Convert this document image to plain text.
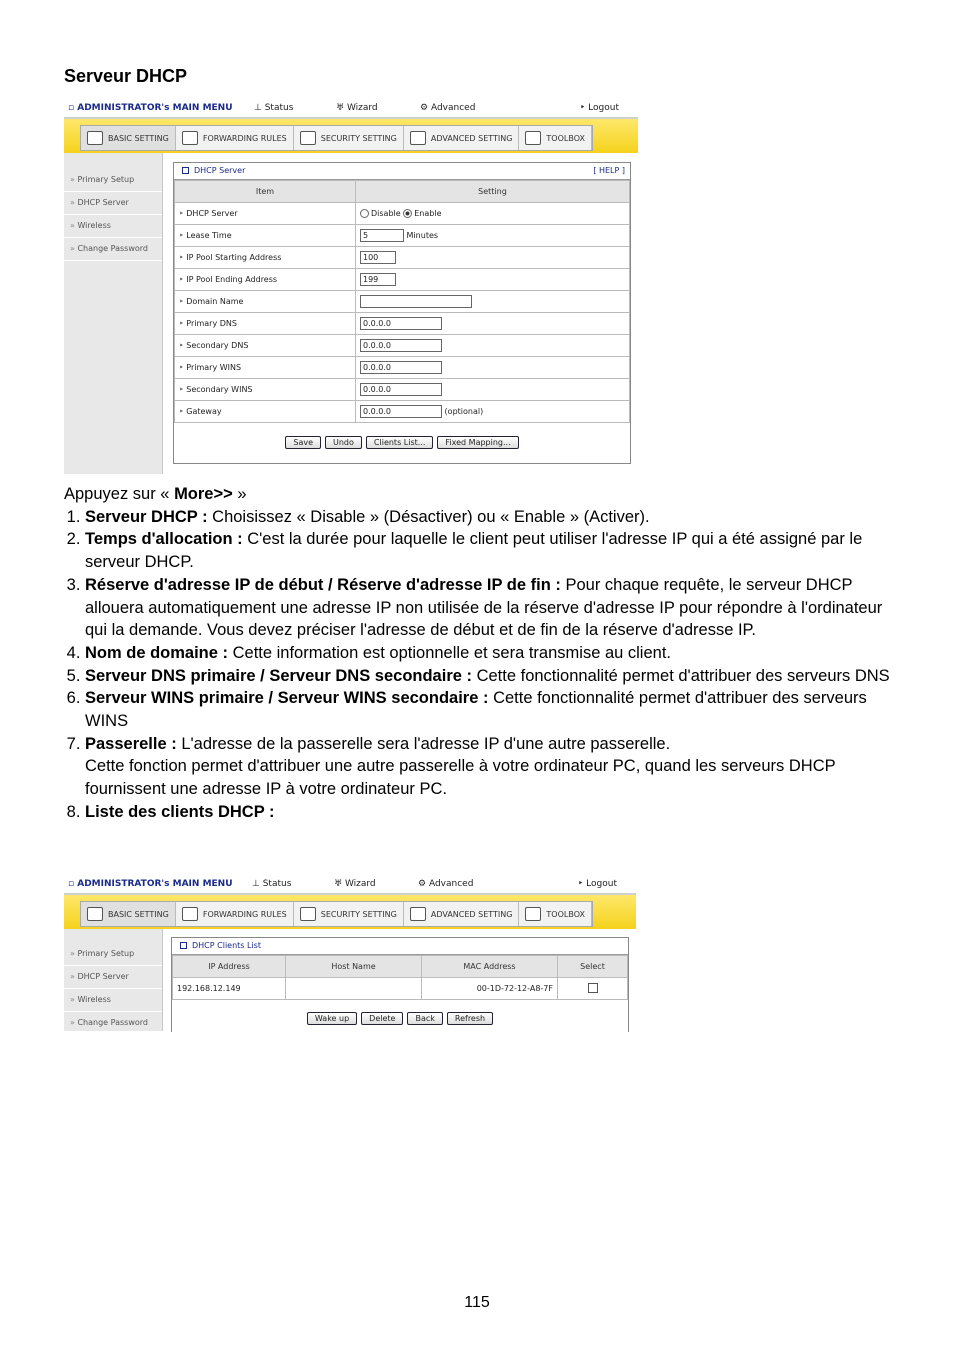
Serveur DHCP
▫ ADMINISTRATOR's MAIN MENU ⊥ Status	♅ Wizard	⚙ Advanced	‣ Logout
BASIC SETTING	FORWARDING RULES	SECURITY SETTING	ADVANCED SETTING	TOOLBOX
» Primary Setup
» DHCP Server
» Wireless
» Change Password
DHCP Server	[ HELP ]
Item	Setting
‣ DHCP Server	Disable Enable
‣ Lease Time	5 Minutes
‣ IP Pool Starting Address	100
‣ IP Pool Ending Address	199
‣ Domain Name	
‣ Primary DNS	0.0.0.0
‣ Secondary DNS	0.0.0.0
‣ Primary WINS	0.0.0.0
‣ Secondary WINS	0.0.0.0
‣ Gateway	0.0.0.0 (optional)
Save	Undo	Clients List...	Fixed Mapping...
Appuyez sur « More>> »
1. Serveur DHCP : Choisissez « Disable » (Désactiver) ou « Enable » (Activer).
2. Temps d'allocation : C'est la durée pour laquelle le client peut utiliser l'adresse IP qui a été assigné par le serveur DHCP.
3. Réserve d'adresse IP de début / Réserve d'adresse IP de fin : Pour chaque requête, le serveur DHCP allouera automatiquement une adresse IP non utilisée de la réserve d'adresse IP pour répondre à l'ordinateur qui la demande. Vous devez préciser l'adresse de début et de fin de la réserve d'adresse IP.
4. Nom de domaine : Cette information est optionnelle et sera transmise au client.
5. Serveur DNS primaire / Serveur DNS secondaire : Cette fonctionnalité permet d'attribuer des serveurs DNS
6. Serveur WINS primaire / Serveur WINS secondaire : Cette fonctionnalité permet d'attribuer des serveurs WINS
7. Passerelle : L'adresse de la passerelle sera l'adresse IP d'une autre passerelle.
Cette fonction permet d'attribuer une autre passerelle à votre ordinateur PC, quand les serveurs DHCP fournissent une adresse IP à votre ordinateur PC.
8. Liste des clients DHCP :
▫ ADMINISTRATOR's MAIN MENU ⊥ Status	♅ Wizard	⚙ Advanced	‣ Logout
BASIC SETTING	FORWARDING RULES	SECURITY SETTING	ADVANCED SETTING	TOOLBOX
» Primary Setup
» DHCP Server
» Wireless
» Change Password
DHCP Clients List
IP Address	Host Name	MAC Address	Select
192.168.12.149		00-1D-72-12-A8-7F	
Wake up	Delete	Back	Refresh
115
